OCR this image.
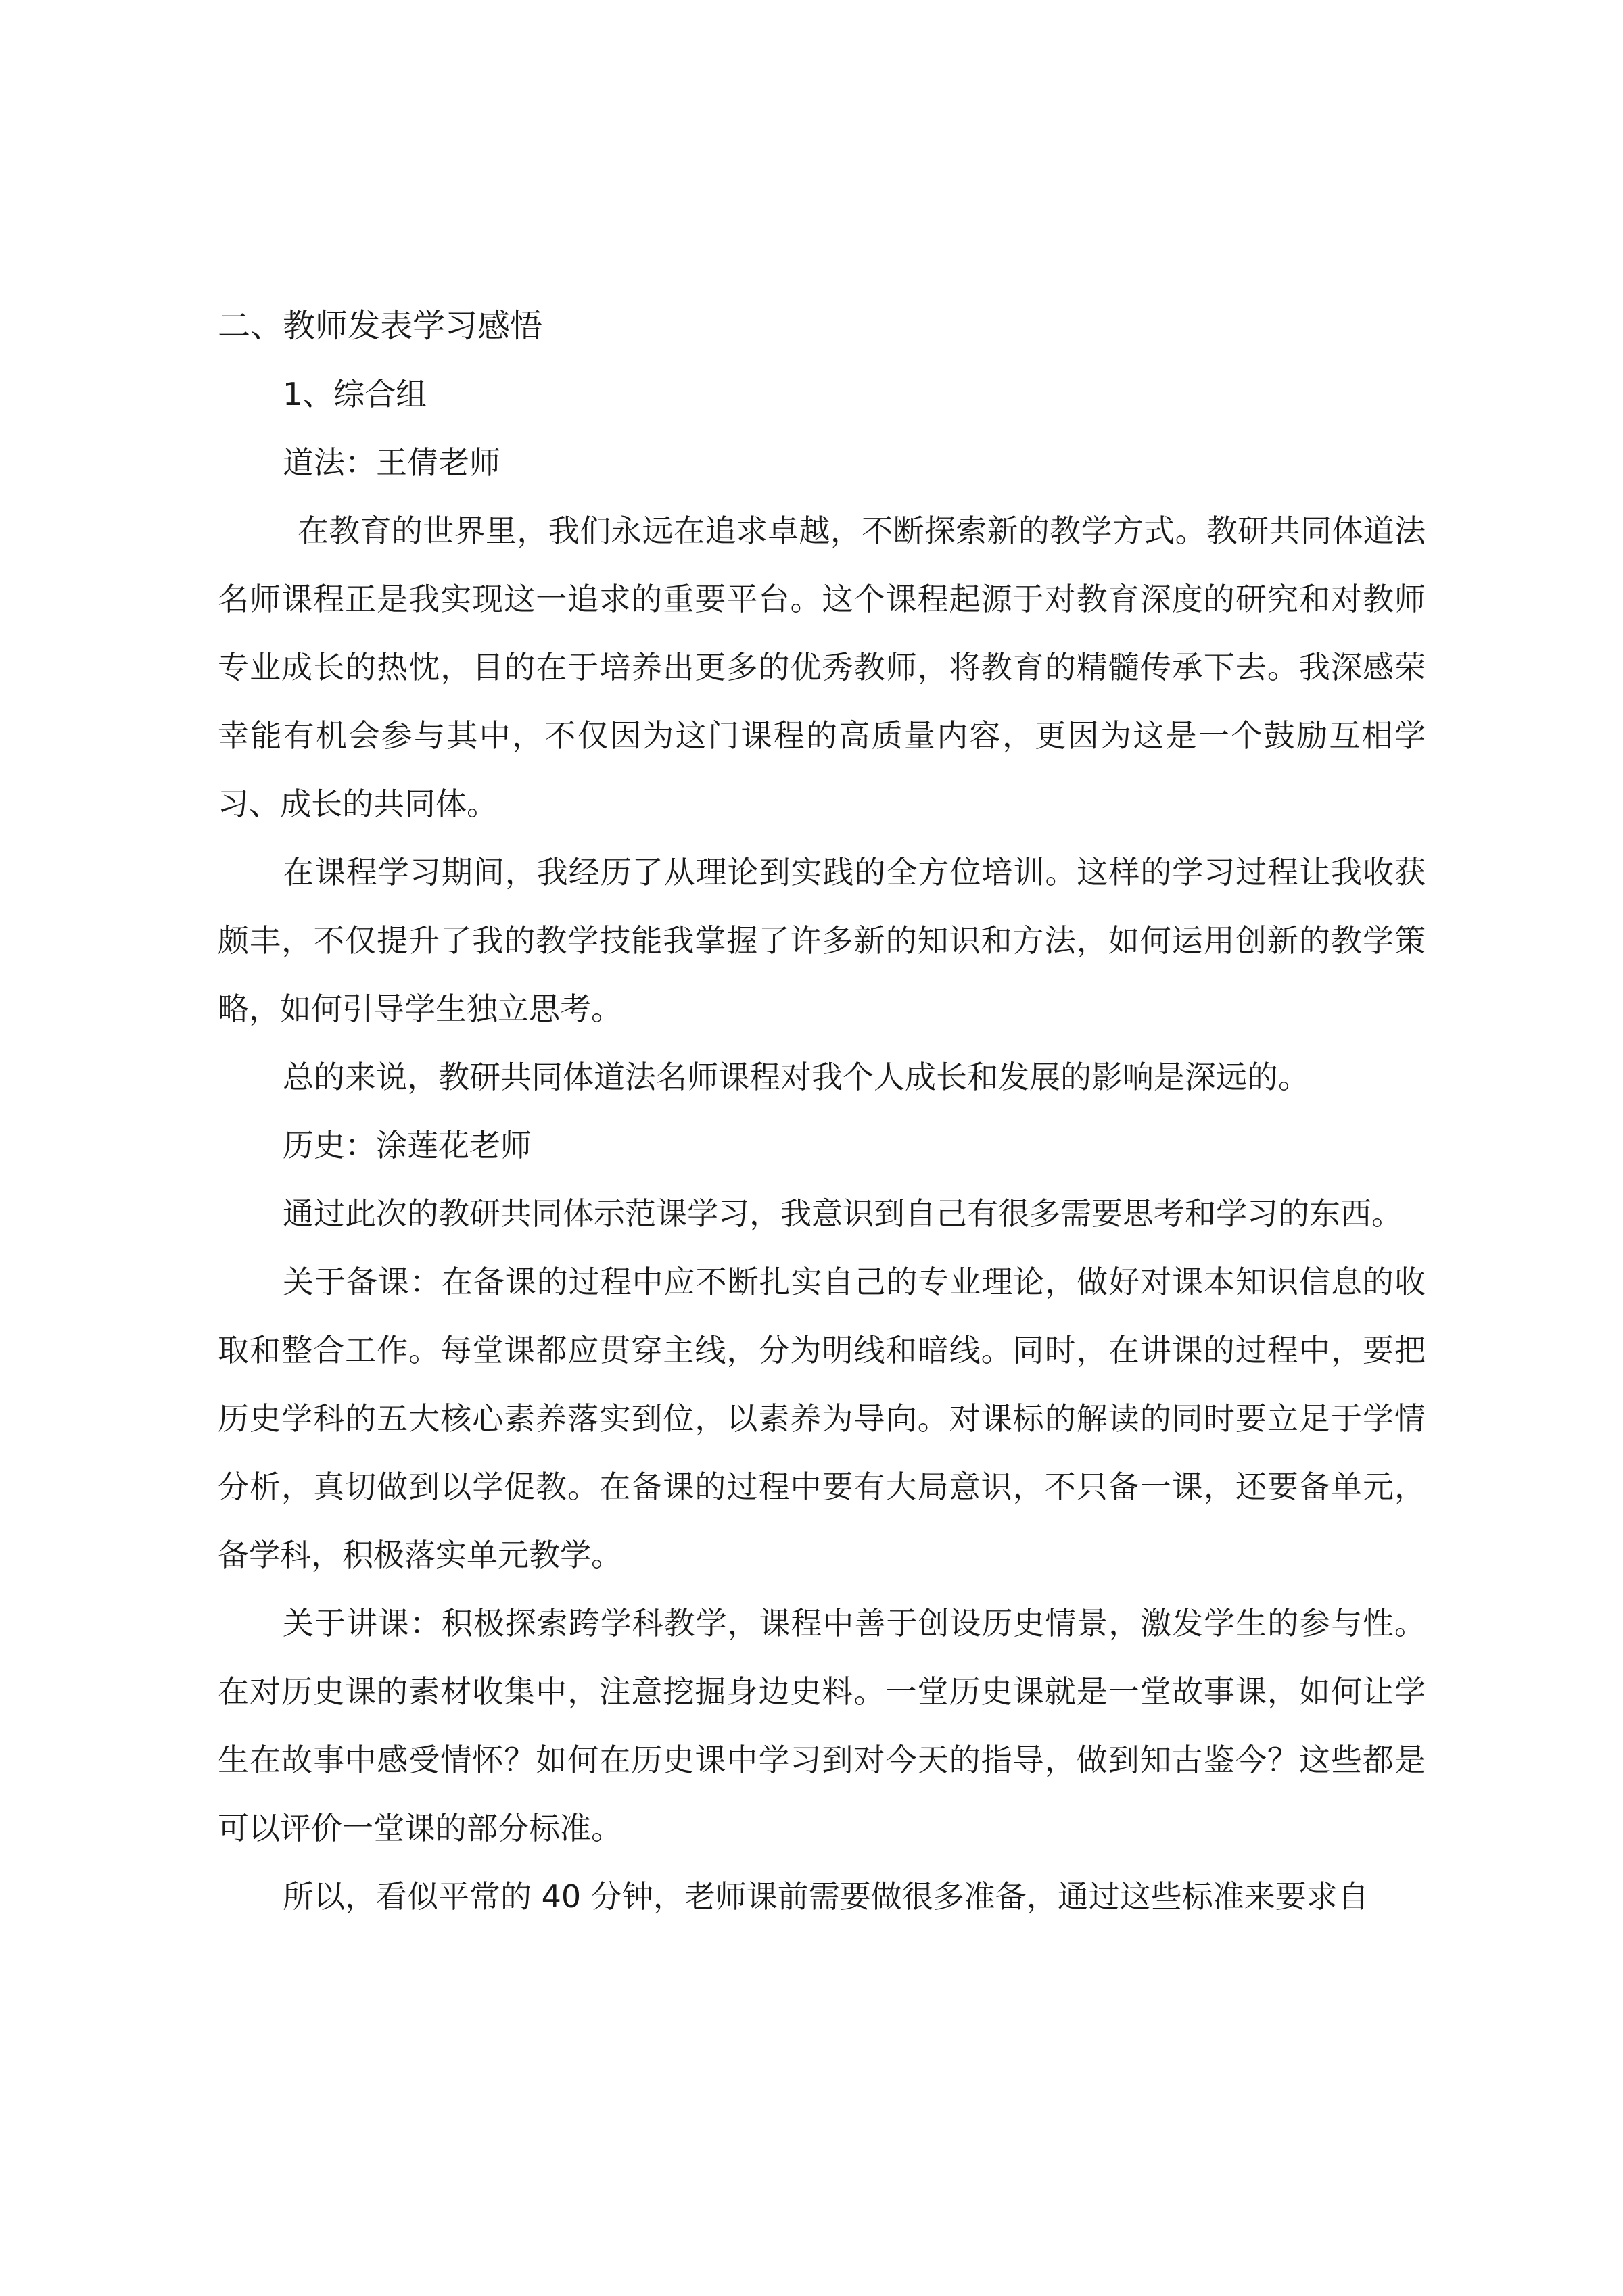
二、教师发表学习感悟

1、综合组

道法：王倩老师

在教育的世界里，我们永远在追求卓越，不断探索新的教学方式。教研共同体道法名师课程正是我实现这一追求的重要平台。这个课程起源于对教育深度的研究和对教师专业成长的热忱，目的在于培养出更多的优秀教师，将教育的精髓传承下去。我深感荣幸能有机会参与其中，不仅因为这门课程的高质量内容，更因为这是一个鼓励互相学习、成长的共同体。

在课程学习期间，我经历了从理论到实践的全方位培训。这样的学习过程让我收获颇丰，不仅提升了我的教学技能我掌握了许多新的知识和方法，如何运用创新的教学策略，如何引导学生独立思考。

总的来说，教研共同体道法名师课程对我个人成长和发展的影响是深远的。

历史：涂莲花老师

通过此次的教研共同体示范课学习，我意识到自己有很多需要思考和学习的东西。

关于备课：在备课的过程中应不断扎实自己的专业理论，做好对课本知识信息的收取和整合工作。每堂课都应贯穿主线，分为明线和暗线。同时，在讲课的过程中，要把历史学科的五大核心素养落实到位，以素养为导向。对课标的解读的同时要立足于学情分析，真切做到以学促教。在备课的过程中要有大局意识，不只备一课，还要备单元，备学科，积极落实单元教学。

关于讲课：积极探索跨学科教学，课程中善于创设历史情景，激发学生的参与性。在对历史课的素材收集中，注意挖掘身边史料。一堂历史课就是一堂故事课，如何让学生在故事中感受情怀？如何在历史课中学习到对今天的指导，做到知古鉴今？这些都是可以评价一堂课的部分标准。

所以，看似平常的 40 分钟，老师课前需要做很多准备，通过这些标准来要求自
